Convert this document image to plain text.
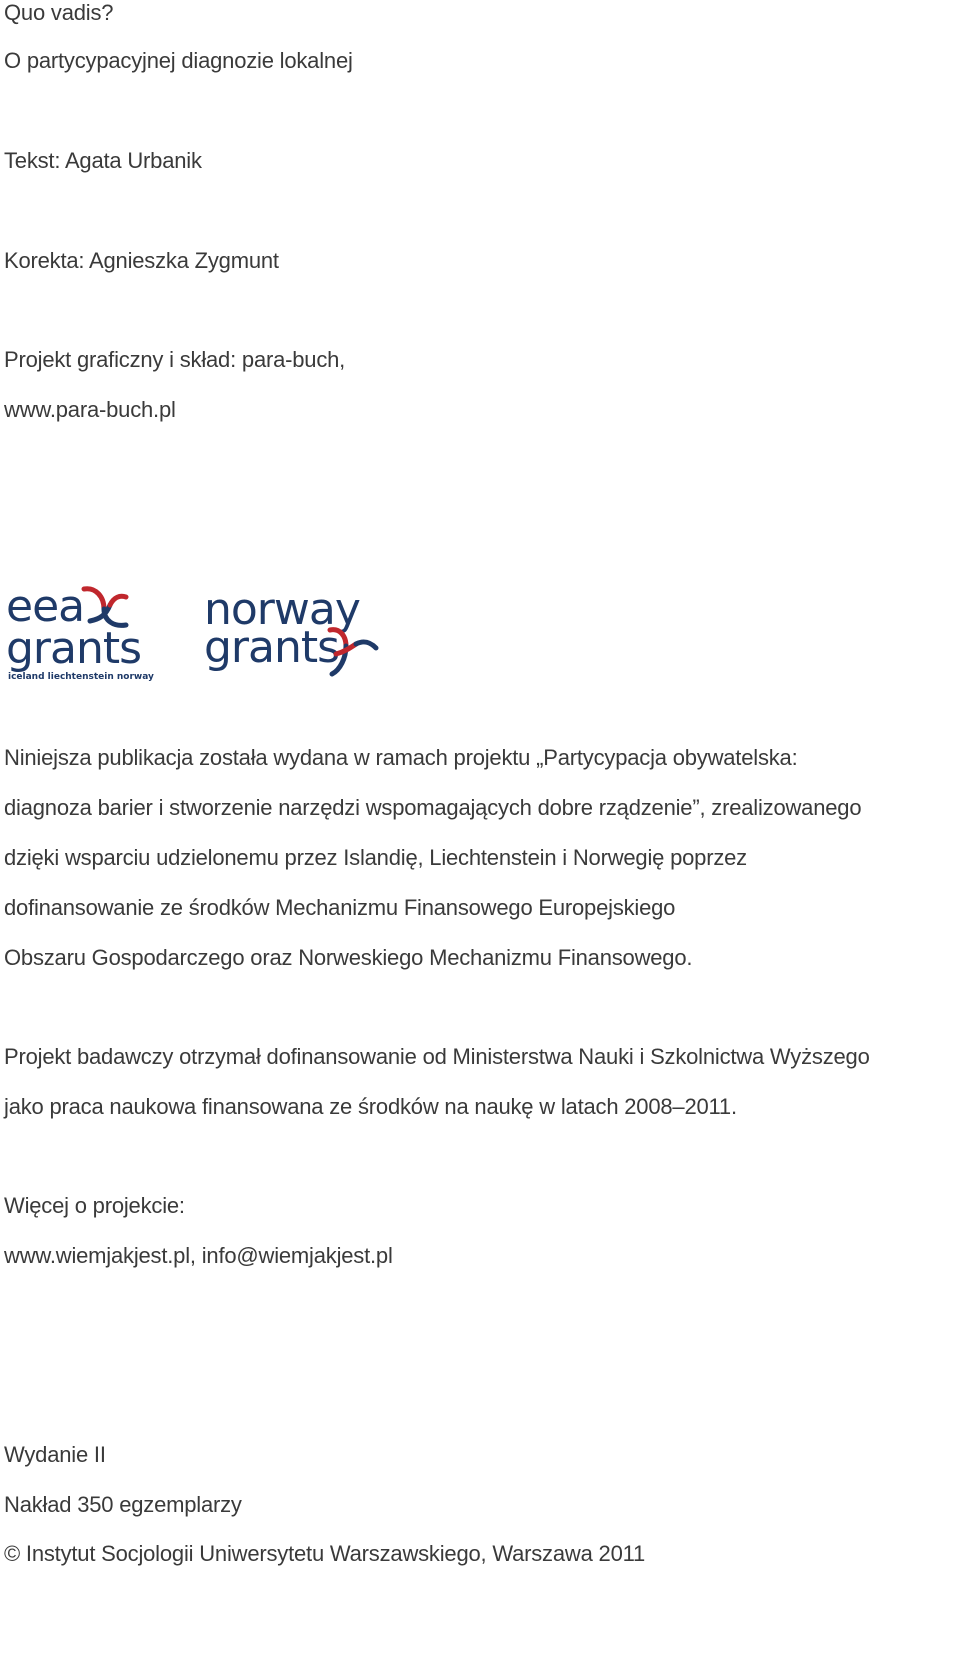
Quo vadis?
O partycypacyjnej diagnozie lokalnej
Tekst: Agata Urbanik
Korekta: Agnieszka Zygmunt
Projekt graficzny i skład: para-buch,
www.para-buch.pl
eea
grants
iceland liechtenstein norway
norway
grants
Niniejsza publikacja została wydana w ramach projektu „Partycypacja obywatelska:
diagnoza barier i stworzenie narzędzi wspomagających dobre rządzenie”, zrealizowanego
dzięki wsparciu udzielonemu przez Islandię, Liechtenstein i Norwegię poprzez
dofinansowanie ze środków Mechanizmu Finansowego Europejskiego
Obszaru Gospodarczego oraz Norweskiego Mechanizmu Finansowego.
Projekt badawczy otrzymał dofinansowanie od Ministerstwa Nauki i Szkolnictwa Wyższego
jako praca naukowa finansowana ze środków na naukę w latach 2008–2011.
Więcej o projekcie:
www.wiemjakjest.pl, info@wiemjakjest.pl
Wydanie II
Nakład 350 egzemplarzy
© Instytut Socjologii Uniwersytetu Warszawskiego, Warszawa 2011
